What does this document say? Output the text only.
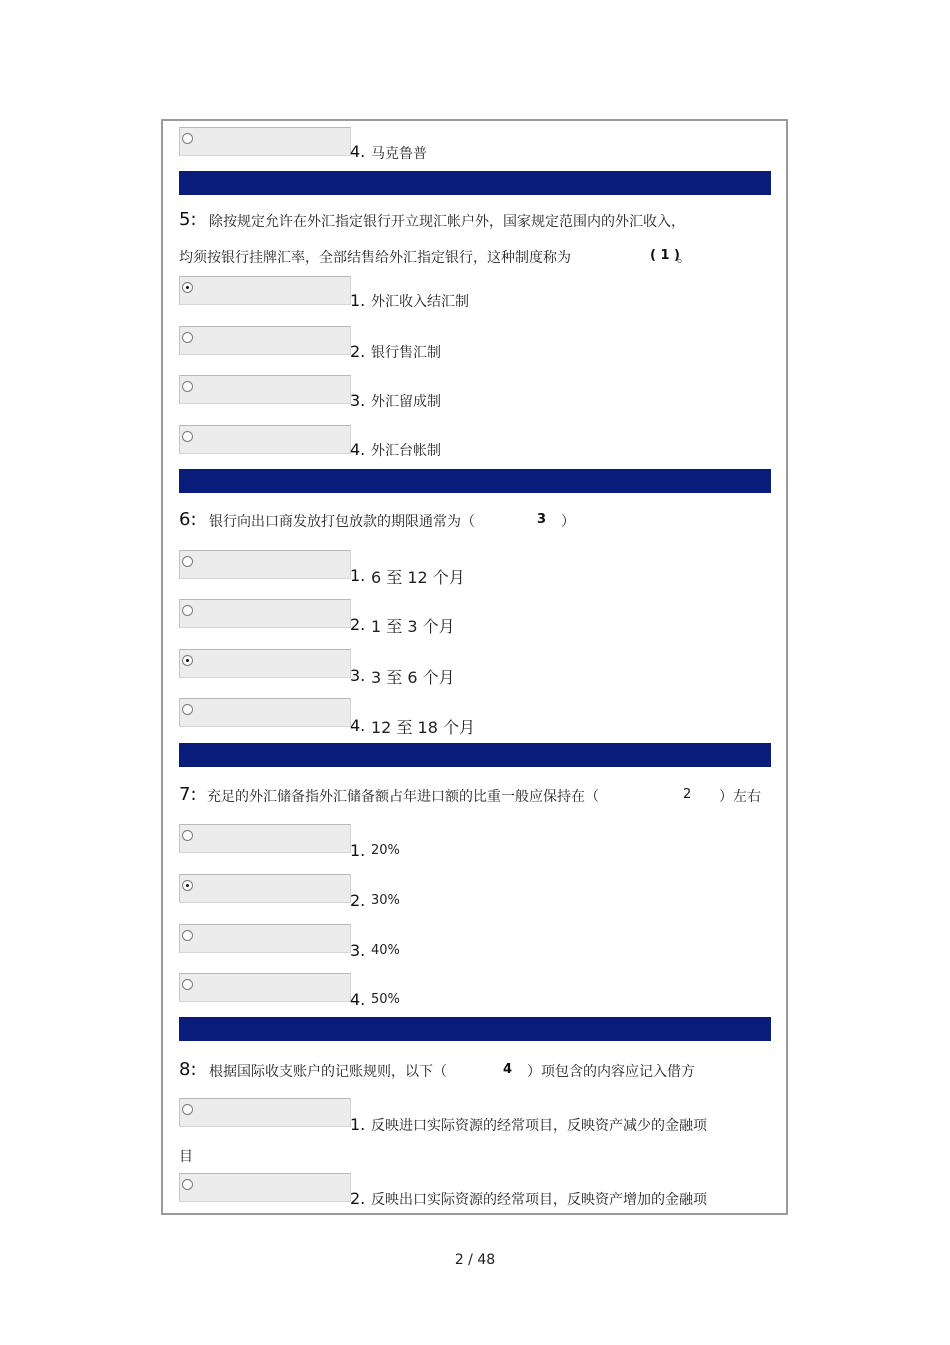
4. 马克鲁普
5: 除按规定允许在外汇指定银行开立现汇帐户外，国家规定范围内的外汇收入，
均须按银行挂牌汇率，全部结售给外汇指定银行，这种制度称为	( 1 )
。
1. 外汇收入结汇制
2. 银行售汇制
3. 外汇留成制
4. 外汇台帐制
6: 银行向出口商发放打包放款的期限通常为（	3 ）
1. 6 至 12 个月
2. 1 至 3 个月
3. 3 至 6 个月
4. 12 至 18 个月
7: 充足的外汇储备指外汇储备额占年进口额的比重一般应保持在（	2 ）左右
1. 20%
2. 30%
3. 40%
4. 50%
8: 根据国际收支账户的记账规则，以下（	4 ）项包含的内容应记入借方
1. 反映进口实际资源的经常项目，反映资产减少的金融项
目
2. 反映出口实际资源的经常项目，反映资产增加的金融项
2 / 48
